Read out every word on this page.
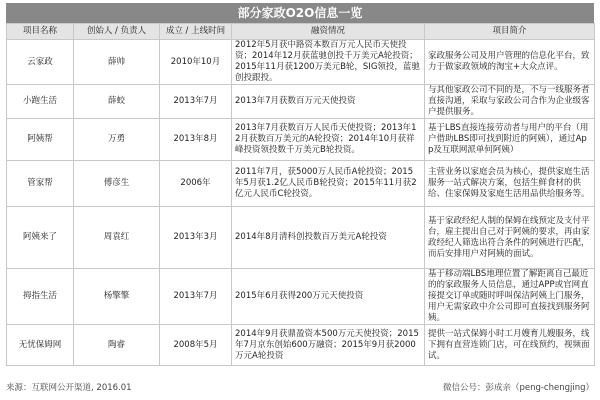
部分家政O2O信息一览
项目名称	创始人 / 负责人	成立 / 上线时间	融资情况	项目简介
云家政	薛帅	2010年10月	2012年5月获中路资本数百万元人民币天使投资；2014年12月获蓝驰创投千万美元A轮投资；2015年11月获1200万美元B轮，SIG领投，蓝驰创投跟投。	家政服务公司及用户管理的信息化平台，致力于做家政领域的淘宝+大众点评。
小跑生活	薛蛟	2013年7月	2013年7月获数百万元天使投资	与其他家政公司不同的是，不与一线服务者直接沟通，采取与家政公司合作为企业级客户提供服务。
阿姨帮	万勇	2013年8月	2013年7月获数百万人民币天使投资；2013年12月获数百万美元的A轮投资；2014年10月获祥峰投资领投数千万美元B轮投资。	基于LBS直接连接劳动者与用户的平台（用户借助LBS即可找到附近的阿姨），通过App及互联网派单何阿姨）
管家帮	傅彦生	2006年	2011年7月，获5000万人民币A轮投资；2015年5月获1.2亿人民币B轮投资；2015年11月获2亿元人民币C轮投资。	主营业务以家庭会员为核心，提供家庭生活服务一站式解决方案，包括生鲜食材的供给、住家保姆及家庭生活用品供给服务等。
阿姨来了	周袁红	2013年3月	2014年8月清科创投数百万美元A轮投资	基于家政经纪人制的保姆在线预定及支付平台，雇主提出自己对于阿姨的要求，再由家政经纪人筛选出符合条件的阿姨进行匹配，而后安排用户对阿姨的面试。
拇指生活	杨擎擎	2013年7月	2015年6月获得200万元天使投资	基于移动端LBS地理位置了解距离自己最近的的家政服务人员信息，通过APP或官网直接提交订单或随时呼叫保洁阿姨上门服务，用户无需家政中介公司即可直接找到服务阿姨。
无忧保姆网	陶睿	2008年5月	2014年9月获鼎盈资本500万元天使投资；2015年7月京东创始600万融资；2015年9月获2000万元A轮投资	提供一站式保姆小时工月嫂育儿嫂服务，线下拥有直营连锁门店，可在线预约，视频面试。
来源：互联网公开渠道, 2016.01	微信公号：彭成亲（peng-chengjing）
